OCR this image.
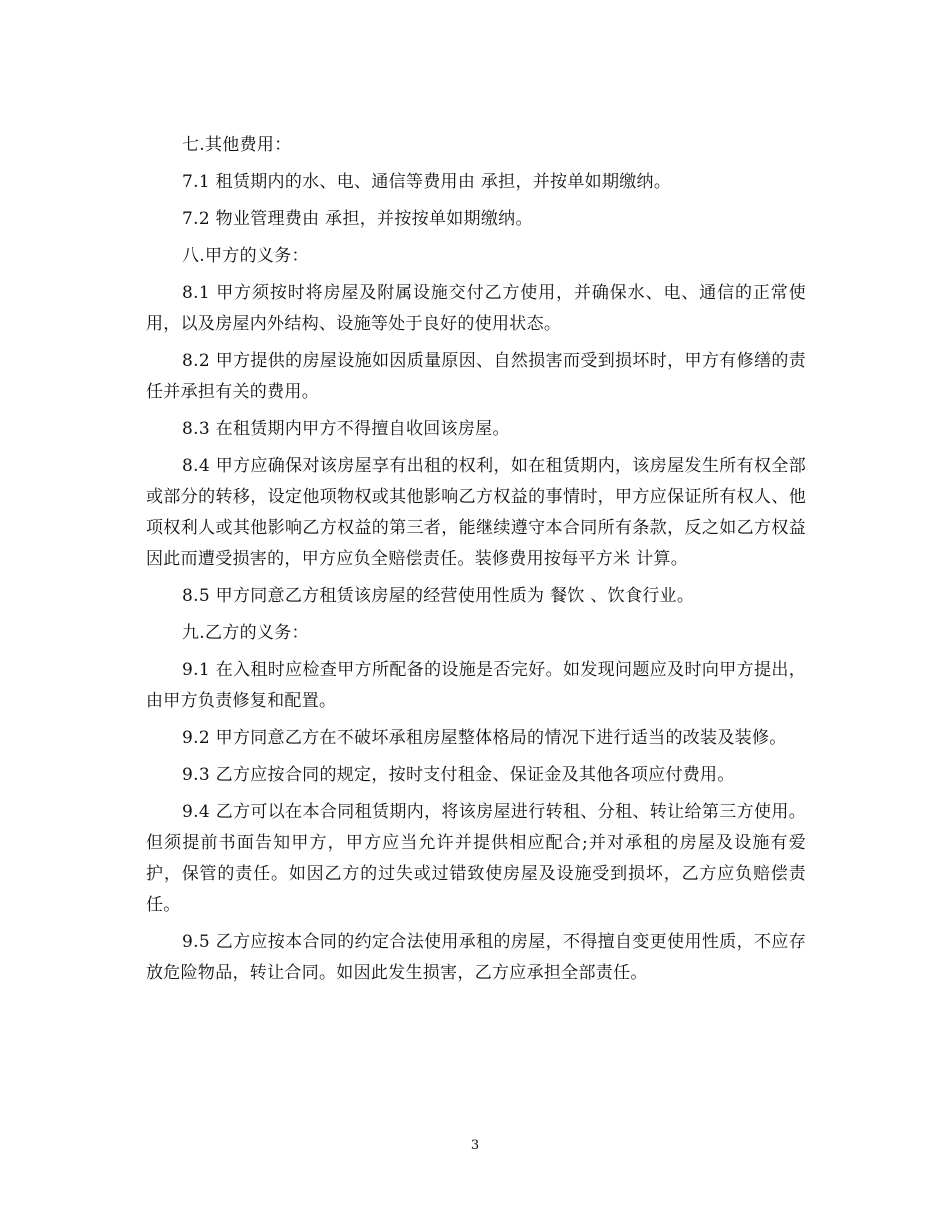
七.其他费用：

7.1 租赁期内的水、电、通信等费用由 承担，并按单如期缴纳。

7.2 物业管理费由 承担，并按按单如期缴纳。

八.甲方的义务：

8.1 甲方须按时将房屋及附属设施交付乙方使用，并确保水、电、通信的正常使用，以及房屋内外结构、设施等处于良好的使用状态。

8.2 甲方提供的房屋设施如因质量原因、自然损害而受到损坏时，甲方有修缮的责任并承担有关的费用。

8.3 在租赁期内甲方不得擅自收回该房屋。

8.4 甲方应确保对该房屋享有出租的权利，如在租赁期内，该房屋发生所有权全部或部分的转移，设定他项物权或其他影响乙方权益的事情时，甲方应保证所有权人、他项权利人或其他影响乙方权益的第三者，能继续遵守本合同所有条款，反之如乙方权益因此而遭受损害的，甲方应负全赔偿责任。装修费用按每平方米 计算。

8.5 甲方同意乙方租赁该房屋的经营使用性质为 餐饮 、饮食行业。

九.乙方的义务：

9.1 在入租时应检查甲方所配备的设施是否完好。如发现问题应及时向甲方提出，由甲方负责修复和配置。

9.2 甲方同意乙方在不破坏承租房屋整体格局的情况下进行适当的改装及装修。

9.3 乙方应按合同的规定，按时支付租金、保证金及其他各项应付费用。

9.4 乙方可以在本合同租赁期内，将该房屋进行转租、分租、转让给第三方使用。但须提前书面告知甲方，甲方应当允许并提供相应配合;并对承租的房屋及设施有爱护，保管的责任。如因乙方的过失或过错致使房屋及设施受到损坏，乙方应负赔偿责任。

9.5 乙方应按本合同的约定合法使用承租的房屋，不得擅自变更使用性质，不应存放危险物品，转让合同。如因此发生损害，乙方应承担全部责任。

3
